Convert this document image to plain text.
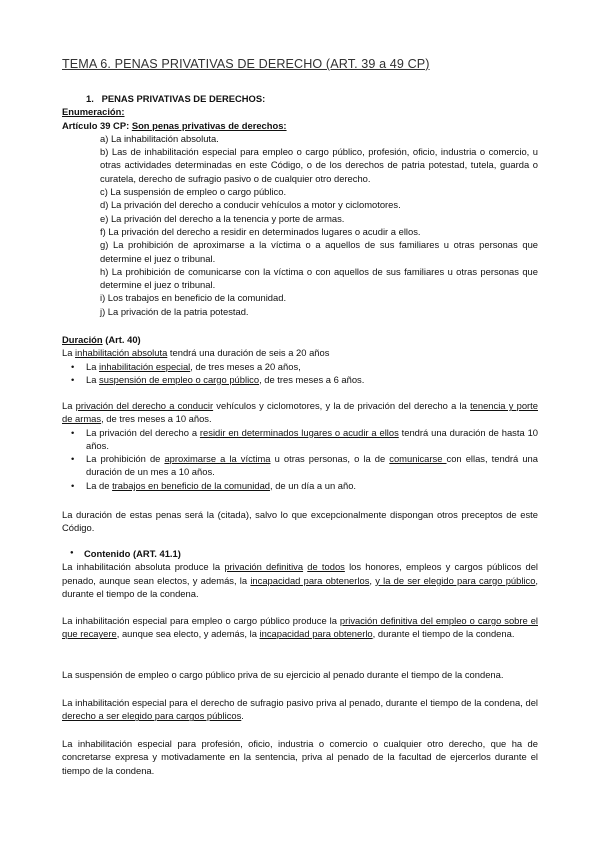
TEMA 6. PENAS PRIVATIVAS DE DERECHO (ART. 39 a 49 CP)

1.   PENAS PRIVATIVAS DE DERECHOS:

Enumeración:

Artículo 39 CP: Son penas privativas de derechos:

a) La inhabilitación absoluta.

b) Las de inhabilitación especial para empleo o cargo público, profesión, oficio, industria o comercio, u otras actividades determinadas en este Código, o de los derechos de patria potestad, tutela, guarda o curatela, derecho de sufragio pasivo o de cualquier otro derecho.

c) La suspensión de empleo o cargo público.

d) La privación del derecho a conducir vehículos a motor y ciclomotores.

e) La privación del derecho a la tenencia y porte de armas.

f) La privación del derecho a residir en determinados lugares o acudir a ellos.

g) La prohibición de aproximarse a la víctima o a aquellos de sus familiares u otras personas que determine el juez o tribunal.

h) La prohibición de comunicarse con la víctima o con aquellos de sus familiares u otras personas que determine el juez o tribunal.

i) Los trabajos en beneficio de la comunidad.

j) La privación de la patria potestad.

Duración (Art. 40)

La inhabilitación absoluta tendrá una duración de seis a 20 años

• La inhabilitación especial, de tres meses a 20 años,

• La suspensión de empleo o cargo público, de tres meses a 6 años.

La privación del derecho a conducir vehículos y ciclomotores, y la de privación del derecho a la tenencia y porte de armas, de tres meses a 10 años.

• La privación del derecho a residir en determinados lugares o acudir a ellos tendrá una duración de hasta 10 años.

• La prohibición de aproximarse a la víctima u otras personas, o la de comunicarse con ellas, tendrá una duración de un mes a 10 años.

• La de trabajos en beneficio de la comunidad, de un día a un año.

La duración de estas penas será la (citada), salvo lo que excepcionalmente dispongan otros preceptos de este Código.

● Contenido (ART. 41.1)

La inhabilitación absoluta produce la privación definitiva de todos los honores, empleos y cargos públicos del penado, aunque sean electos, y además, la incapacidad para obtenerlos, y la de ser elegido para cargo público, durante el tiempo de la condena.

La inhabilitación especial para empleo o cargo público produce la privación definitiva del empleo o cargo sobre el que recayere, aunque sea electo, y además, la incapacidad para obtenerlo, durante el tiempo de la condena.
La suspensión de empleo o cargo público priva de su ejercicio al penado durante el tiempo de la condena.
La inhabilitación especial para el derecho de sufragio pasivo priva al penado, durante el tiempo de la condena, del derecho a ser elegido para cargos públicos.
La inhabilitación especial para profesión, oficio, industria o comercio o cualquier otro derecho, que ha de concretarse expresa y motivadamente en la sentencia, priva al penado de la facultad de ejercerlos durante el tiempo de la condena.
